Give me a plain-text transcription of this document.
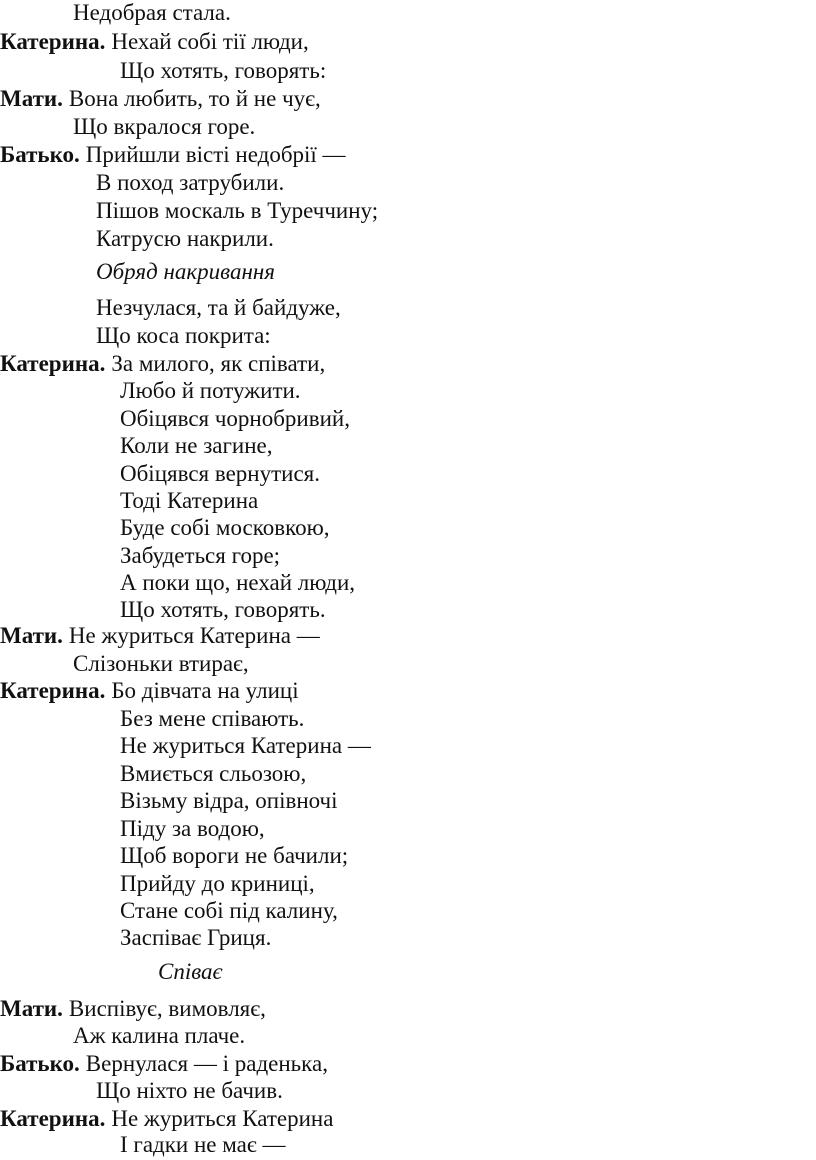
Недобрая стала.
Катерина. Нехай собі тії люди,
Що хотять, говорять:
Мати. Вона любить, то й не чує,
Що вкралося горе.
Батько. Прийшли вісті недобрії —
В поход затрубили.
Пішов москаль в Туреччину;
Катрусю накрили.
Обряд накривання
Незчулася, та й байдуже,
Що коса покрита:
Катерина. За милого, як співати,
Любо й потужити.
Обіцявся чорнобривий,
Коли не загине,
Обіцявся вернутися.
Тоді Катерина
Буде собі московкою,
Забудеться горе;
А поки що, нехай люди,
Що хотять, говорять.
Мати. Не журиться Катерина —
Слізоньки втирає,
Катерина. Бо дівчата на улиці
Без мене співають.
Не журиться Катерина —
Вмиється сльозою,
Візьму відра, опівночі
Піду за водою,
Щоб вороги не бачили;
Прийду до криниці,
Стане собі під калину,
Заспіває Гриця.
Співає
Мати. Виспівує, вимовляє,
Аж калина плаче.
Батько. Вернулася — і раденька,
Що ніхто не бачив.
Катерина. Не журиться Катерина
І гадки не має —
